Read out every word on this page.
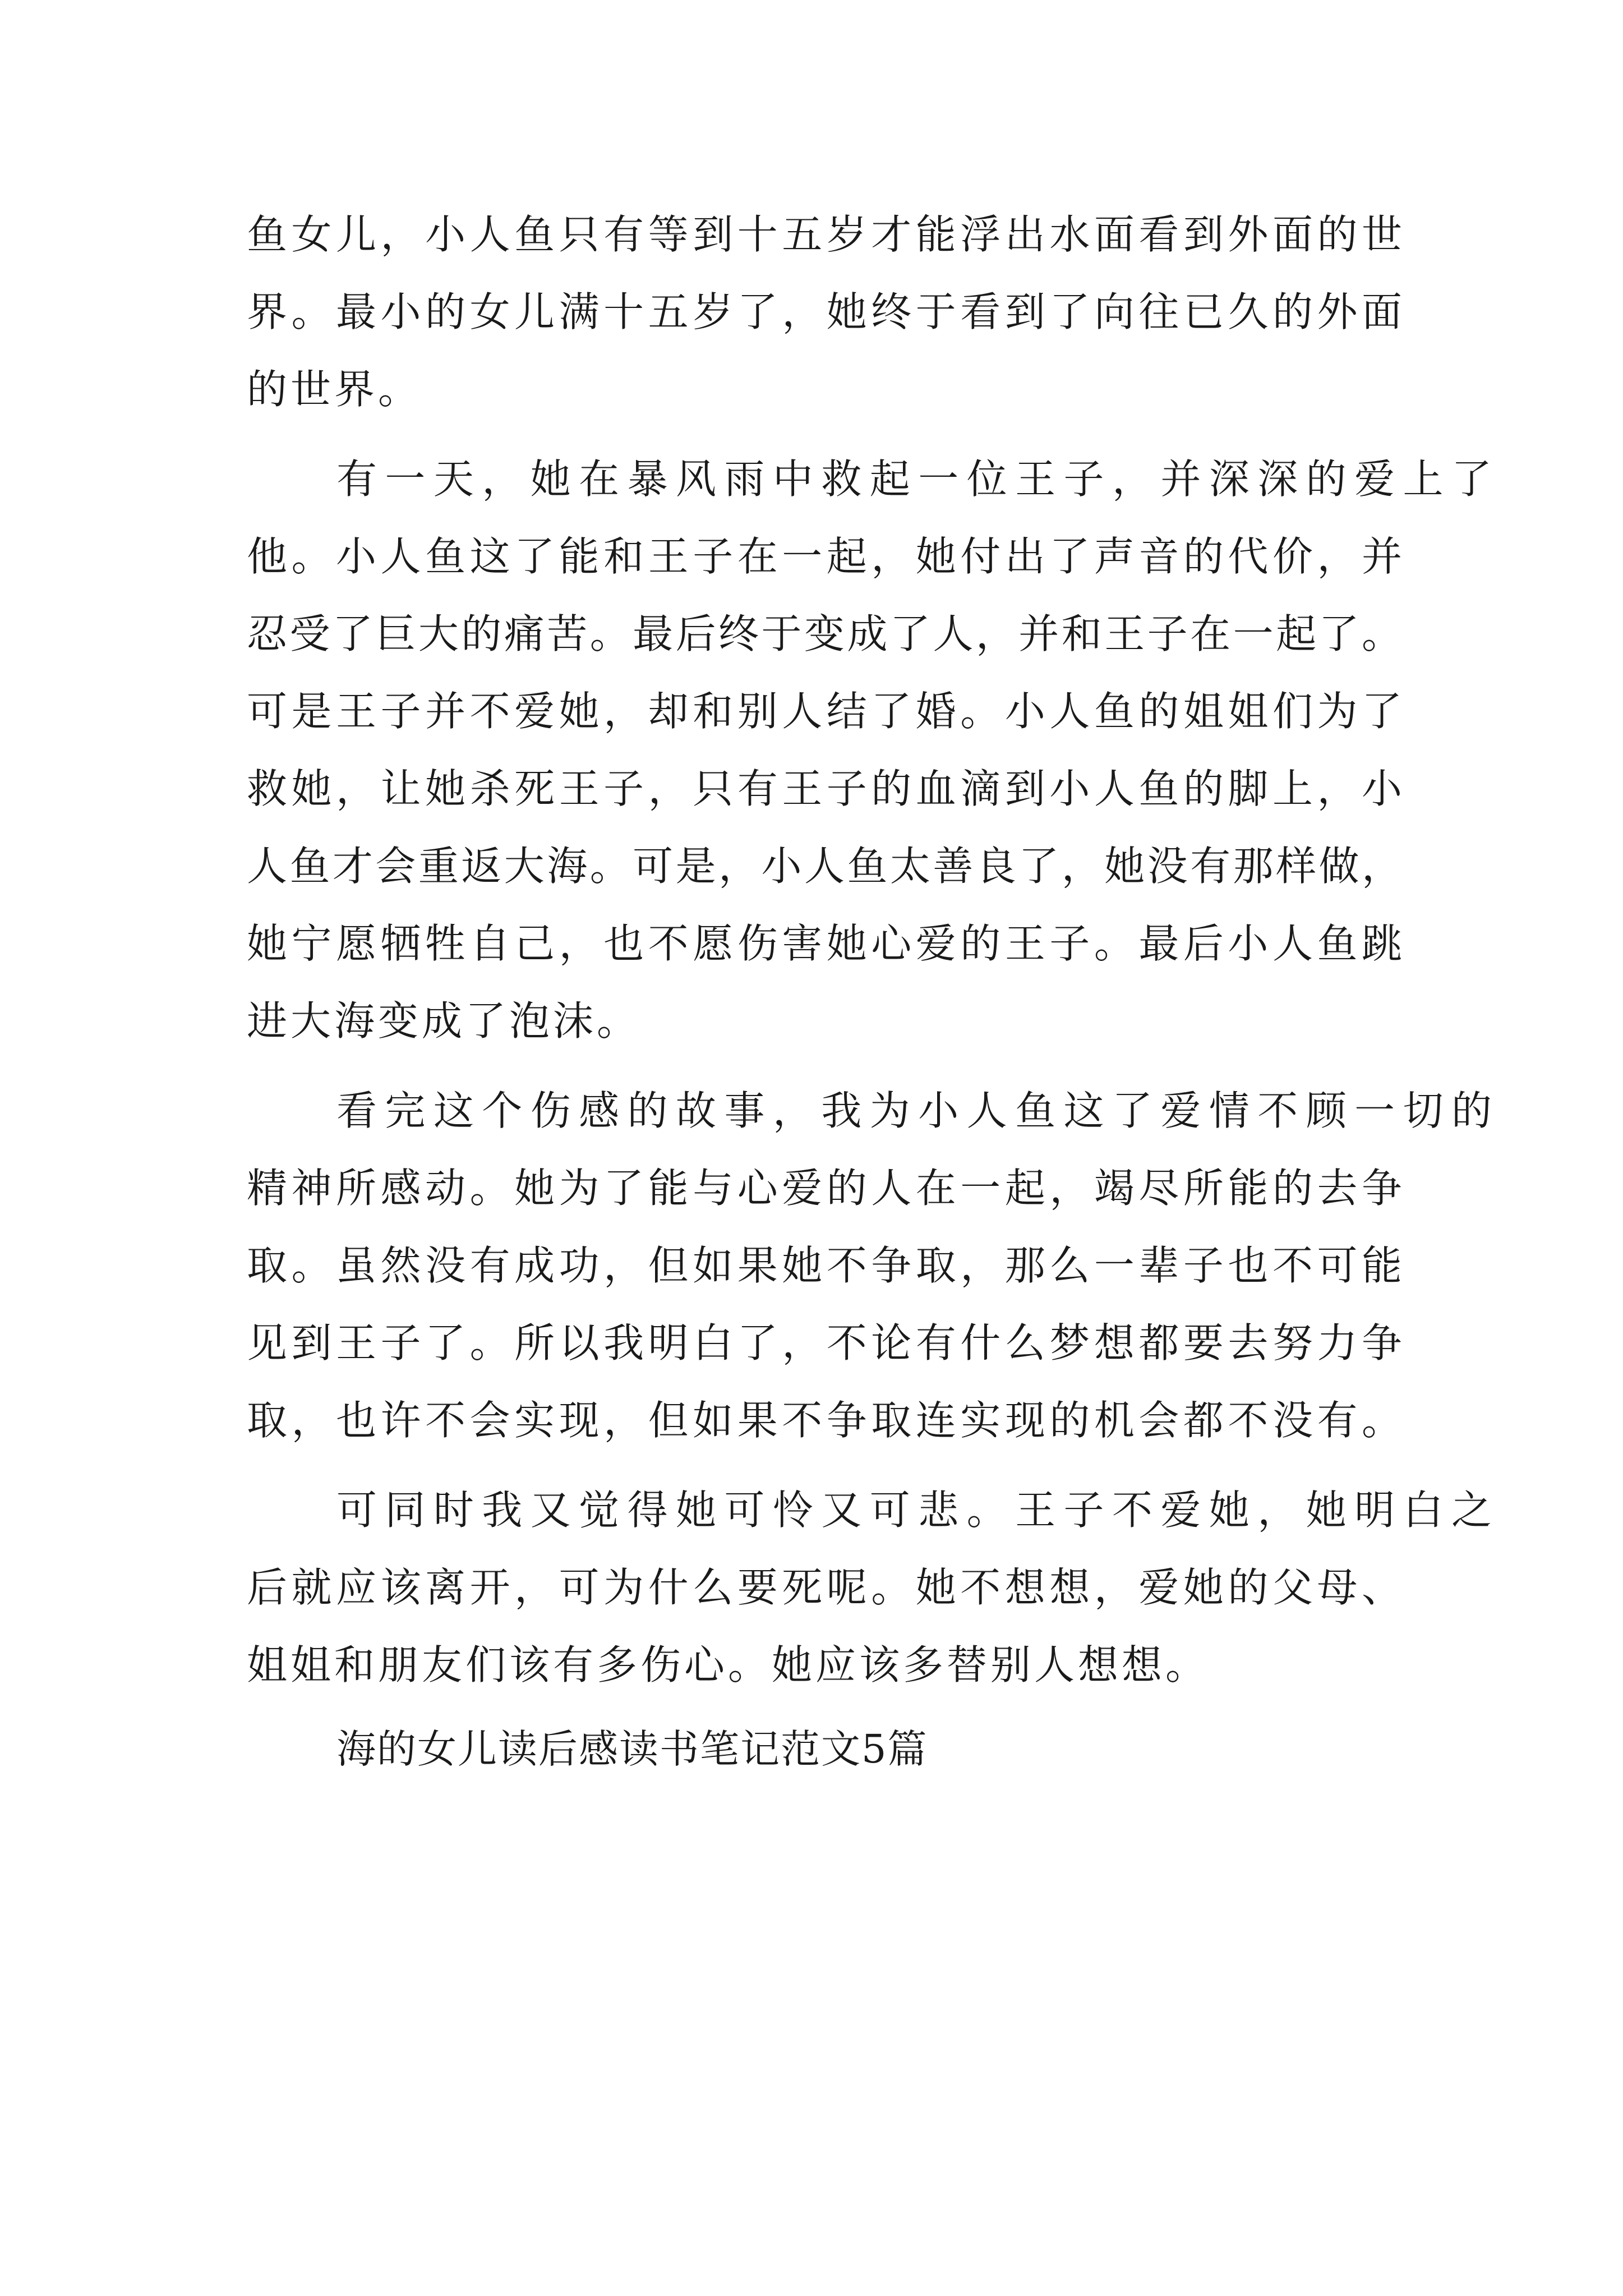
鱼女儿，小人鱼只有等到十五岁才能浮出水面看到外面的世
界。最小的女儿满十五岁了，她终于看到了向往已久的外面
的世界。
有一天，她在暴风雨中救起一位王子，并深深的爱上了
他。小人鱼这了能和王子在一起，她付出了声音的代价，并
忍受了巨大的痛苦。最后终于变成了人，并和王子在一起了。
可是王子并不爱她，却和别人结了婚。小人鱼的姐姐们为了
救她，让她杀死王子，只有王子的血滴到小人鱼的脚上，小
人鱼才会重返大海。可是，小人鱼太善良了，她没有那样做，
她宁愿牺牲自己，也不愿伤害她心爱的王子。最后小人鱼跳
进大海变成了泡沫。
看完这个伤感的故事，我为小人鱼这了爱情不顾一切的
精神所感动。她为了能与心爱的人在一起，竭尽所能的去争
取。虽然没有成功，但如果她不争取，那么一辈子也不可能
见到王子了。所以我明白了，不论有什么梦想都要去努力争
取，也许不会实现，但如果不争取连实现的机会都不没有。
可同时我又觉得她可怜又可悲。王子不爱她，她明白之
后就应该离开，可为什么要死呢。她不想想，爱她的父母、
姐姐和朋友们该有多伤心。她应该多替别人想想。
海的女儿读后感读书笔记范文5篇
